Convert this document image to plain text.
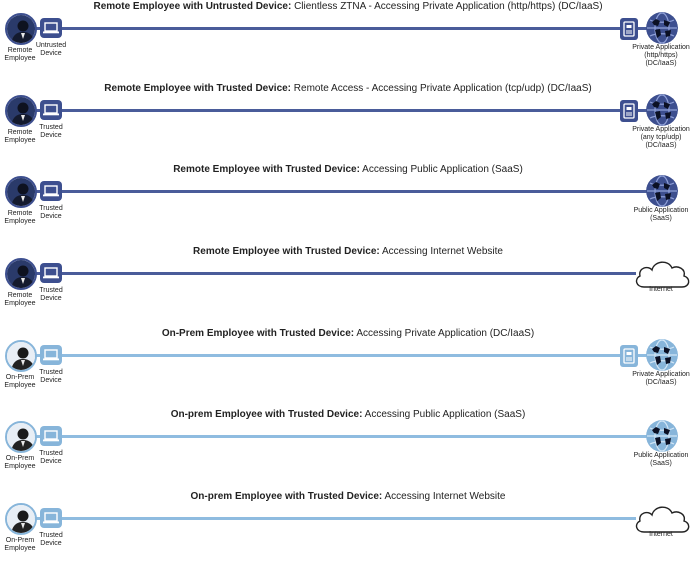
Remote Employee with Untrusted Device: Clientless ZTNA - Accessing Private Application (http/https) (DC/IaaS)
Remote
Employee
Untrusted
Device
Private Application
(http/https)
(DC/IaaS)
Remote Employee with Trusted Device: Remote Access - Accessing Private Application (tcp/udp) (DC/IaaS)
Remote
Employee
Trusted
Device
Private Application
(any tcp/udp)
(DC/IaaS)
Remote Employee with Trusted Device: Accessing Public Application (SaaS)
Remote
Employee
Trusted
Device
Public Application
(SaaS)
Remote Employee with Trusted Device: Accessing Internet Website
Remote
Employee
Trusted
Device
Internet
On-Prem Employee with Trusted Device: Accessing Private Application (DC/IaaS)
On-Prem
Employee
Trusted
Device
Private Application
(DC/IaaS)
On-prem Employee with Trusted Device: Accessing Public Application (SaaS)
On-Prem
Employee
Trusted
Device
Public Application
(SaaS)
On-prem Employee with Trusted Device: Accessing Internet Website
On-Prem
Employee
Trusted
Device
Internet
